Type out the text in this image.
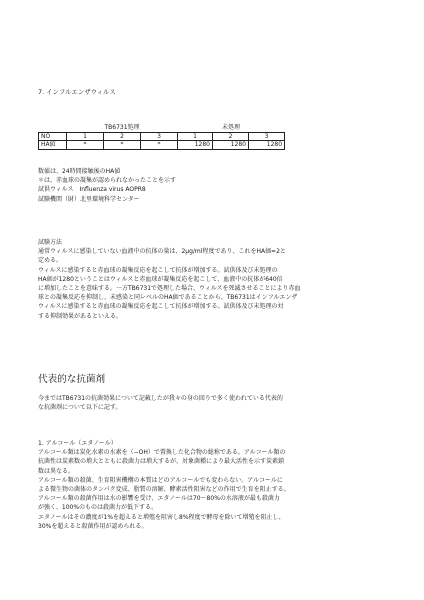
7. インフルエンザウィルス
	TB6731処理			未処理		
NO	1	2	3	1	2	3
HA値	*	*	*	1280	1280	1280

数値は、24時間接触後のHA値

＊は、赤血球の凝集が認められなかったことを示す

試供ウィルス　Influenza virus AOPR8

試験機関（財）北里環境科学センター

試験方法

通常ウィルスに感染していない血液中の抗体の量は、2μg/ml程度であり、これをHA価=2と

定める。

ウィルスに感染すると赤血球の凝集反応を起こして抗体が増加する。試供体及び未処理の

HA価が1280ということはウィルスと赤血球が凝集反応を起こして、血液中の抗体が640倍

に増加したことを意味する。一方TB6731で処理した場合、ウィルスを死滅させることにより赤血

球との凝集反応を抑制し、未感染と同レベルのHA価であることから、TB6731はインフルエンザ

ウィルスに感染すると赤血球の凝集反応を起こして抗体が増加する。試供体及び未処理の対

する抑制効果があるといえる。

代表的な抗菌剤

今まではTB6731の抗菌効果について記載したが我々の身の回りで多く使われている代表的

な抗菌剤について以下に記す。

1. アルコール（エタノール）

アルコール類は炭化水素の水素を（−OH）で置換した化合物の総称である。アルコール類の

抗菌性は炭素数の増大とともに殺菌力は増大するが、対象菌種により最大活性を示す炭素鎖

数は異なる。

アルコール類の殺菌、生育阻害機構の本質はどのアルコールでも変わらない。アルコールに

よる微生物の菌体のタンパク変成、脂質の溶解、酵素活性阻害などの作用で生育を阻止する。

アルコール類の殺菌作用は水の影響を受け、エタノールは70～80%の水溶液が最も殺菌力

が強く、100%のものは殺菌力が低下する。

エタノールはその濃度が1%を超えると増殖を阻害し8%程度で酵母を除いて増殖を阻止し、

30%を超えると殺菌作用が認められる。
